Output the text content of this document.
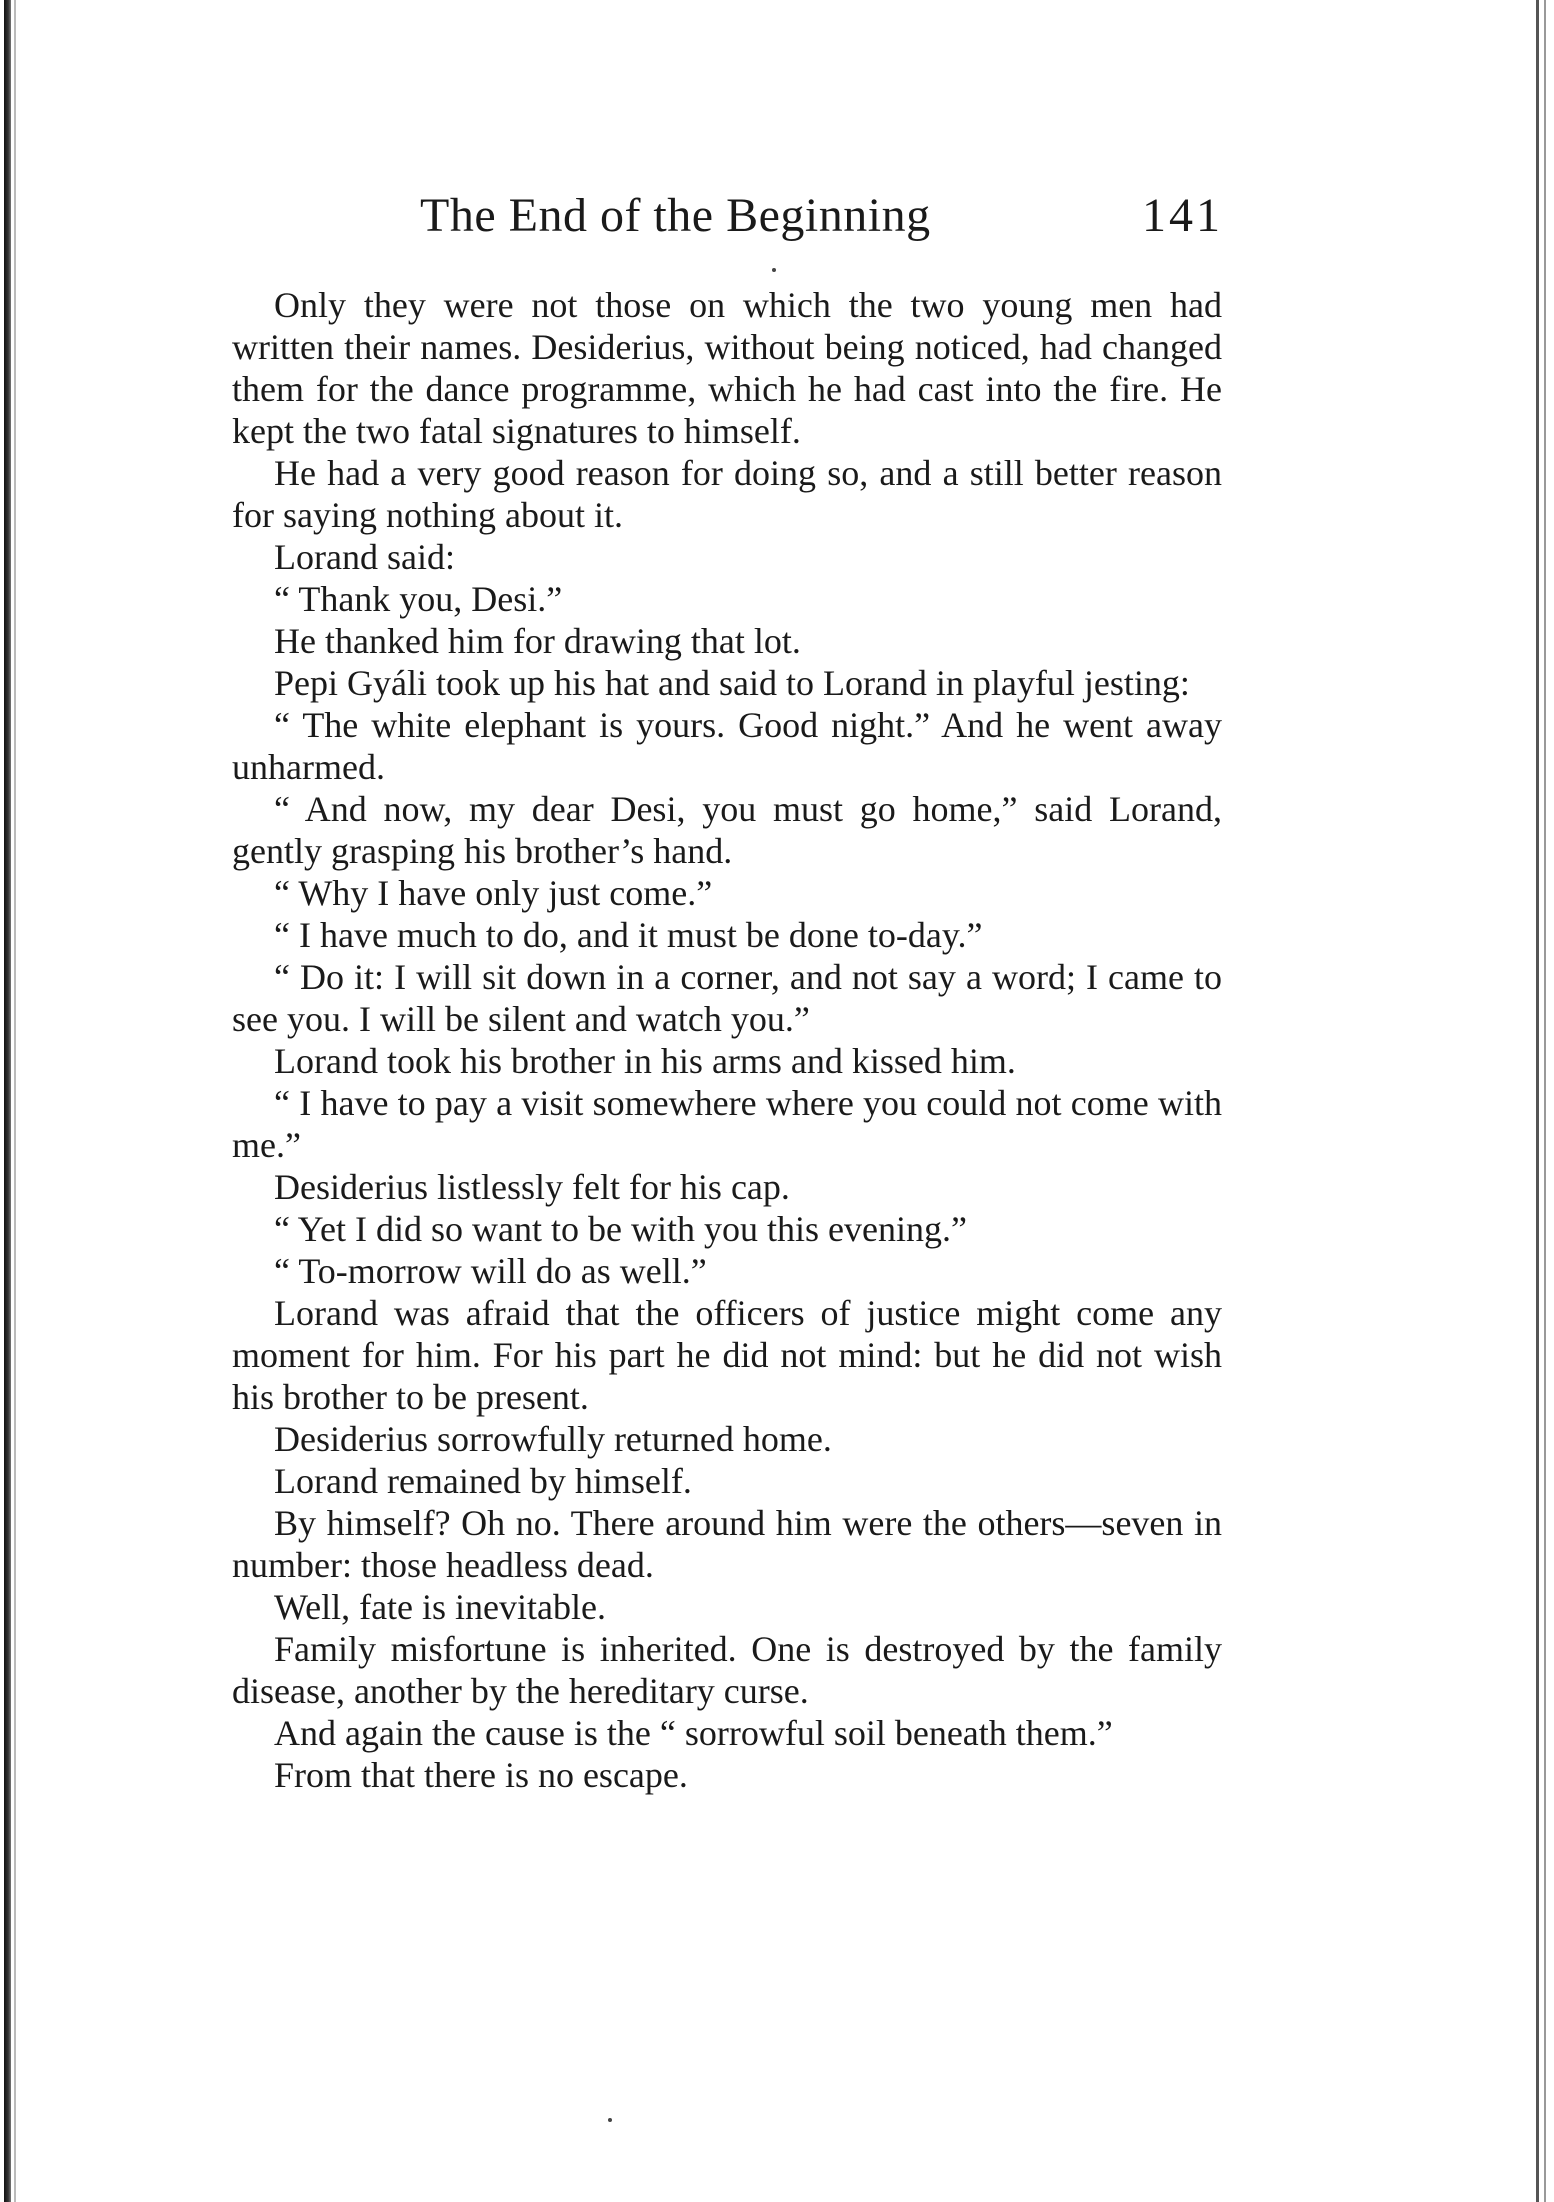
The End of the Beginning	141

Only they were not those on which the two young men had written their names. Desiderius, without being noticed, had changed them for the dance programme, which he had cast into the fire. He kept the two fatal signatures to himself.

He had a very good reason for doing so, and a still better reason for saying nothing about it.

Lorand said:

“ Thank you, Desi.”

He thanked him for drawing that lot.

Pepi Gyáli took up his hat and said to Lorand in playful jesting:

“ The white elephant is yours. Good night.” And he went away unharmed.

“ And now, my dear Desi, you must go home,” said Lorand, gently grasping his brother’s hand.

“ Why I have only just come.”

“ I have much to do, and it must be done to-day.”

“ Do it: I will sit down in a corner, and not say a word; I came to see you. I will be silent and watch you.”

Lorand took his brother in his arms and kissed him.

“ I have to pay a visit somewhere where you could not come with me.”

Desiderius listlessly felt for his cap.

“ Yet I did so want to be with you this evening.”

“ To-morrow will do as well.”

Lorand was afraid that the officers of justice might come any moment for him. For his part he did not mind: but he did not wish his brother to be present.

Desiderius sorrowfully returned home.

Lorand remained by himself.

By himself? Oh no. There around him were the others—seven in number: those headless dead.

Well, fate is inevitable.

Family misfortune is inherited. One is destroyed by the family disease, another by the hereditary curse.

And again the cause is the “ sorrowful soil beneath them.”

From that there is no escape.
